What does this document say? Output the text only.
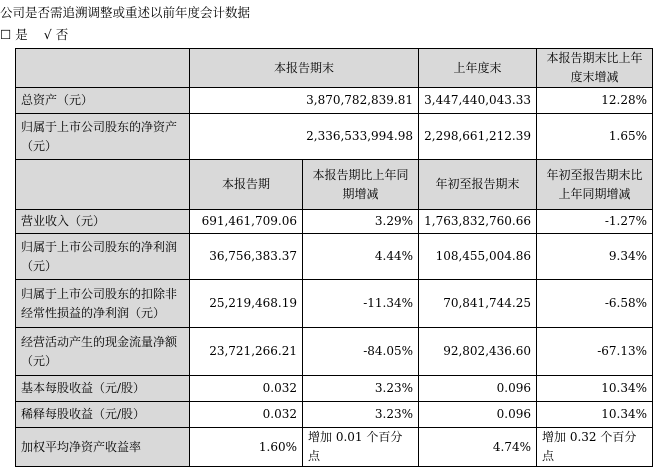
公司是否需追溯调整或重述以前年度会计数据
☐ 是 √ 否
	本报告期末		上年度末	本报告期末比上年度末增减
总资产（元）	3,870,782,839.81		3,447,440,043.33	12.28%
归属于上市公司股东的净资产（元）	2,336,533,994.98		2,298,661,212.39	1.65%
	本报告期	本报告期比上年同期增减	年初至报告期末	年初至报告期末比上年同期增减
营业收入（元）	691,461,709.06	3.29%	1,763,832,760.66	-1.27%
归属于上市公司股东的净利润（元）	36,756,383.37	4.44%	108,455,004.86	9.34%
归属于上市公司股东的扣除非经常性损益的净利润（元）	25,219,468.19	-11.34%	70,841,744.25	-6.58%
经营活动产生的现金流量净额（元）	23,721,266.21	-84.05%	92,802,436.60	-67.13%
基本每股收益（元/股）	0.032	3.23%	0.096	10.34%
稀释每股收益（元/股）	0.032	3.23%	0.096	10.34%
加权平均净资产收益率	1.60%	增加 0.01 个百分点	4.74%	增加 0.32 个百分点
